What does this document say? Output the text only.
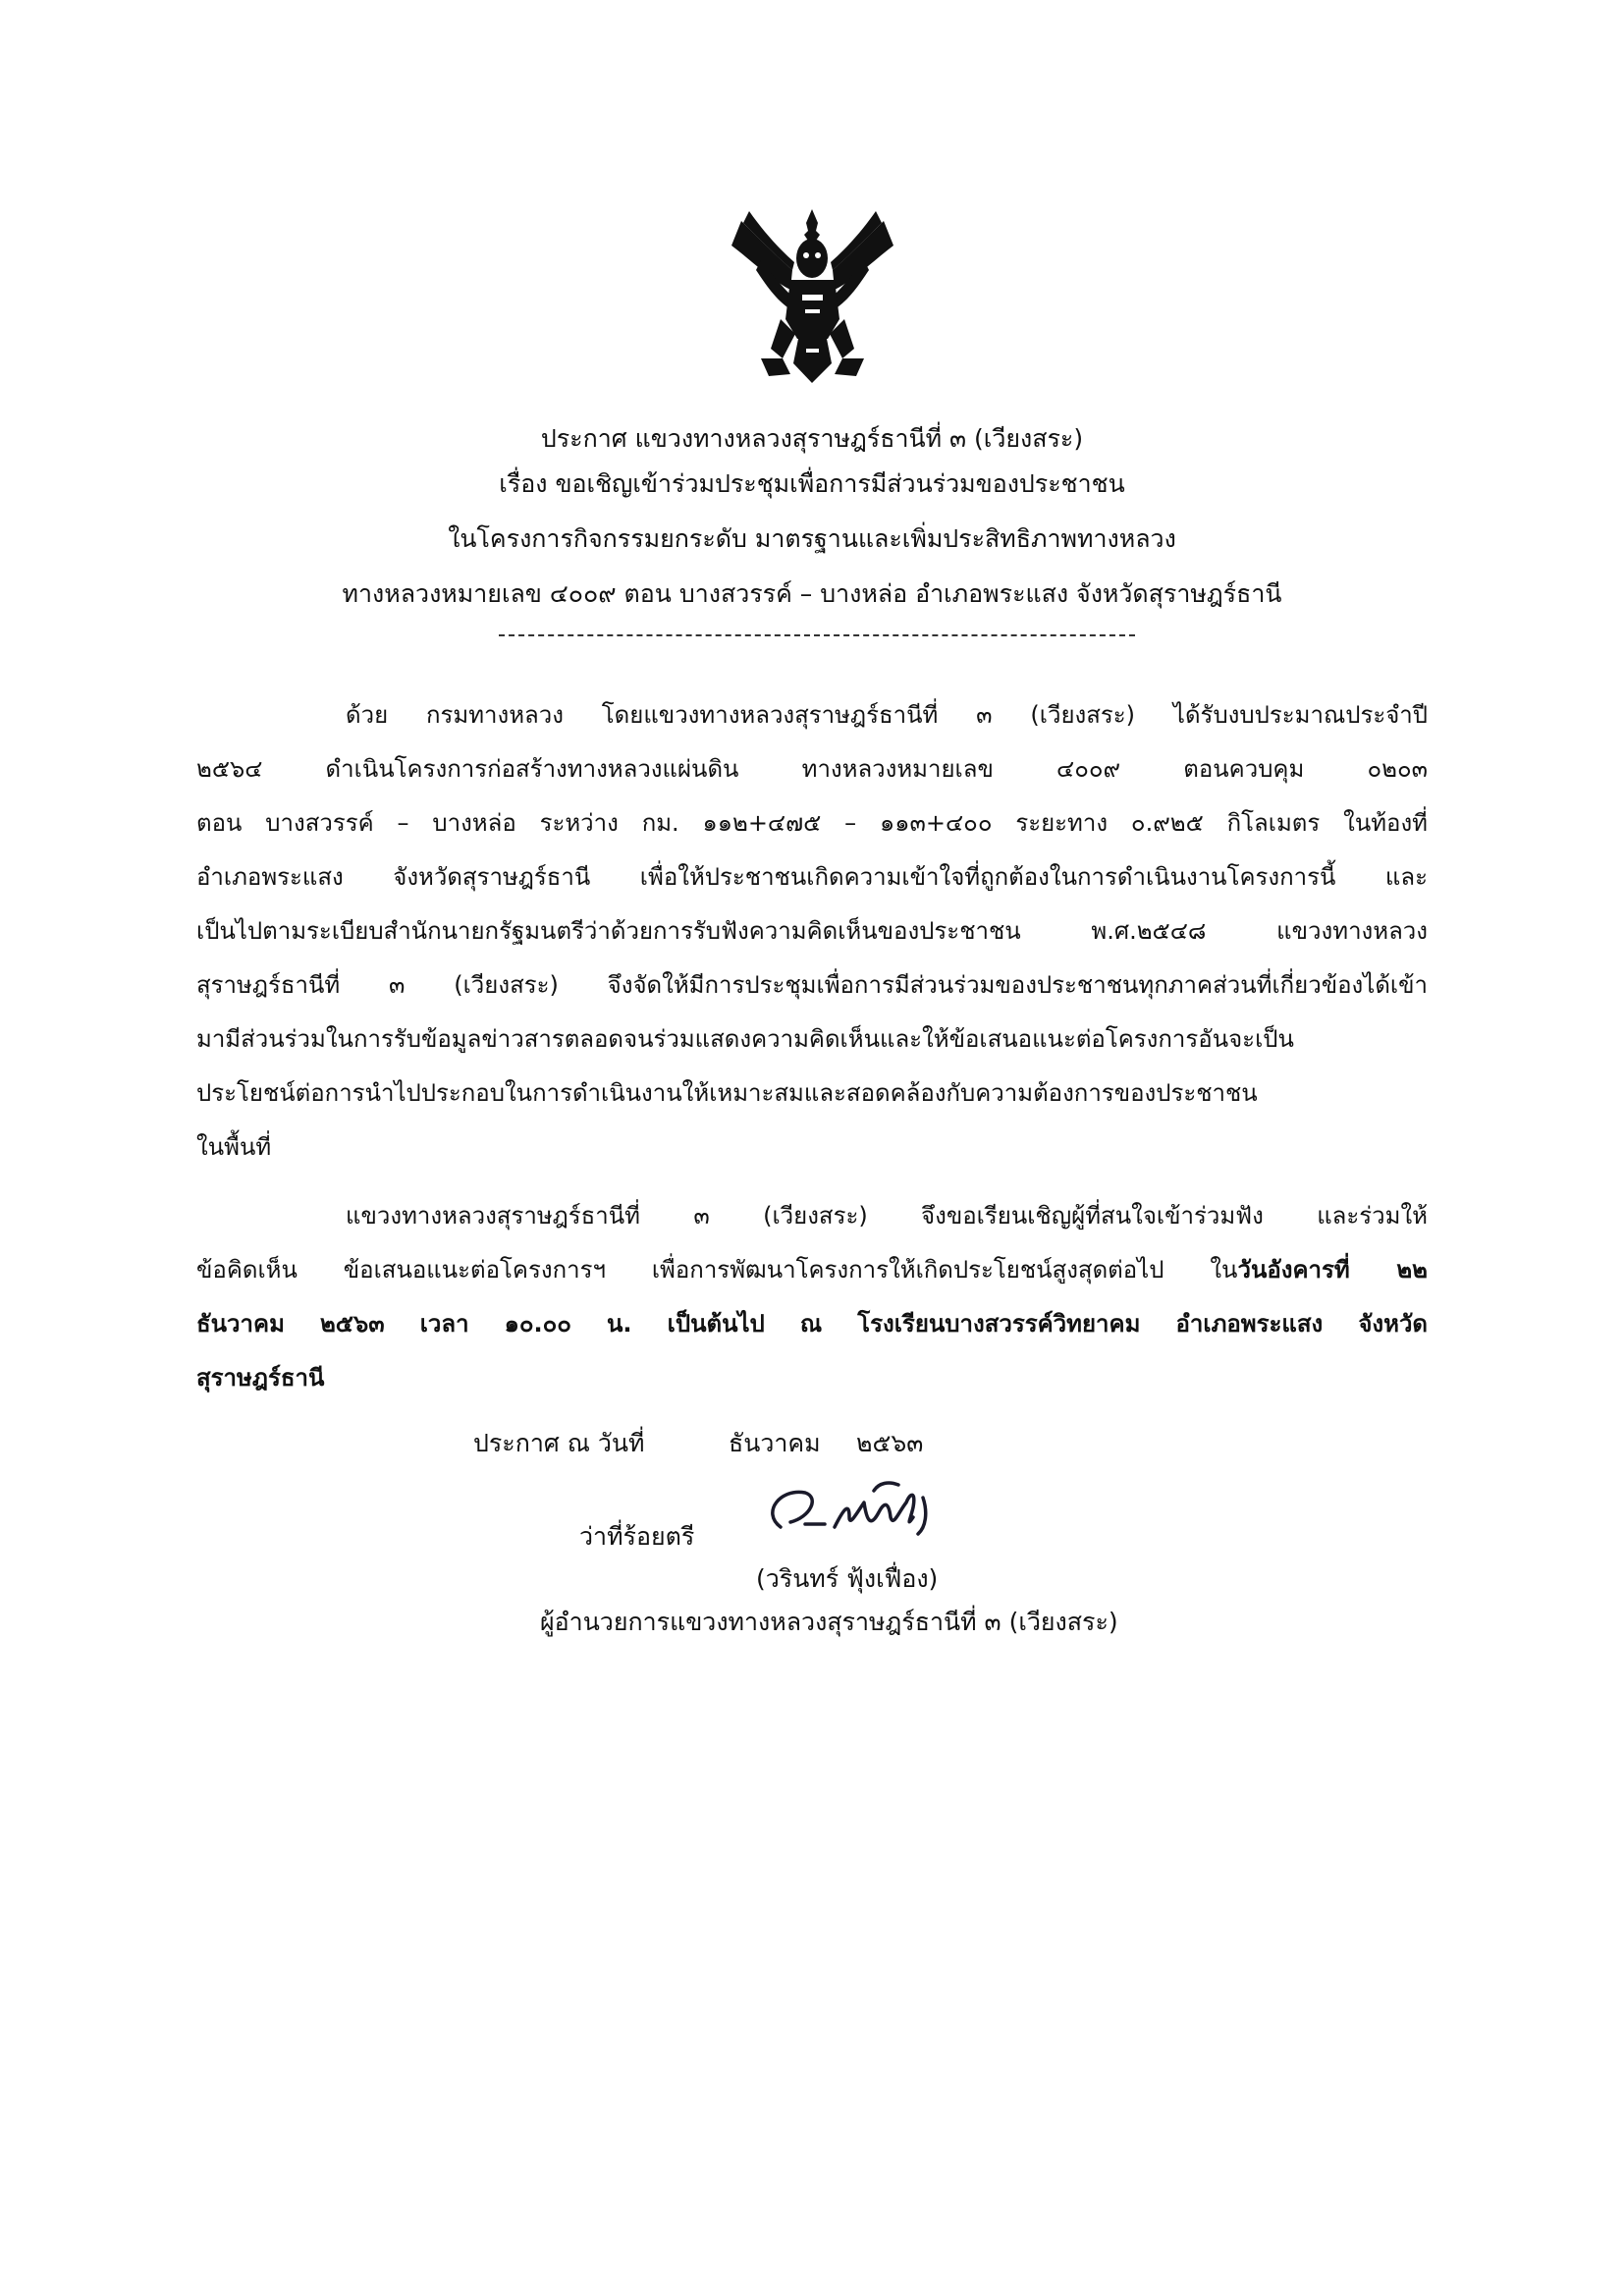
ประกาศ แขวงทางหลวงสุราษฎร์ธานีที่ ๓ (เวียงสระ)
เรื่อง ขอเชิญเข้าร่วมประชุมเพื่อการมีส่วนร่วมของประชาชน
ในโครงการกิจกรรมยกระดับ มาตรฐานและเพิ่มประสิทธิภาพทางหลวง
ทางหลวงหมายเลข ๔๐๐๙ ตอน บางสวรรค์ – บางหล่อ อำเภอพระแสง จังหวัดสุราษฎร์ธานี
ด้วย กรมทางหลวง โดยแขวงทางหลวงสุราษฎร์ธานีที่ ๓ (เวียงสระ) ได้รับงบประมาณประจำปี
๒๕๖๔ ดำเนินโครงการก่อสร้างทางหลวงแผ่นดิน ทางหลวงหมายเลข ๔๐๐๙ ตอนควบคุม ๐๒๐๓
ตอน บางสวรรค์ – บางหล่อ ระหว่าง กม. ๑๑๒+๔๗๕ – ๑๑๓+๔๐๐ ระยะทาง ๐.๙๒๕ กิโลเมตร ในท้องที่
อำเภอพระแสง จังหวัดสุราษฎร์ธานี เพื่อให้ประชาชนเกิดความเข้าใจที่ถูกต้องในการดำเนินงานโครงการนี้ และ
เป็นไปตามระเบียบสำนักนายกรัฐมนตรีว่าด้วยการรับฟังความคิดเห็นของประชาชน พ.ศ.๒๕๔๘ แขวงทางหลวง
สุราษฎร์ธานีที่ ๓ (เวียงสระ) จึงจัดให้มีการประชุมเพื่อการมีส่วนร่วมของประชาชนทุกภาคส่วนที่เกี่ยวข้องได้เข้า
มามีส่วนร่วมในการรับข้อมูลข่าวสารตลอดจนร่วมแสดงความคิดเห็นและให้ข้อเสนอแนะต่อโครงการอันจะเป็น
ประโยชน์ต่อการนำไปประกอบในการดำเนินงานให้เหมาะสมและสอดคล้องกับความต้องการของประชาชน
ในพื้นที่
แขวงทางหลวงสุราษฎร์ธานีที่ ๓ (เวียงสระ) จึงขอเรียนเชิญผู้ที่สนใจเข้าร่วมฟัง และร่วมให้
ข้อคิดเห็น ข้อเสนอแนะต่อโครงการฯ เพื่อการพัฒนาโครงการให้เกิดประโยชน์สูงสุดต่อไป ในวันอังคารที่ ๒๒
ธันวาคม ๒๕๖๓ เวลา ๑๐.๐๐ น. เป็นต้นไป ณ โรงเรียนบางสวรรค์วิทยาคม อำเภอพระแสง จังหวัด
สุราษฎร์ธานี
ประกาศ ณ วันที่	ธันวาคม ๒๕๖๓
ว่าที่ร้อยตรี
(วรินทร์ ฟุ้งเฟื่อง)
ผู้อำนวยการแขวงทางหลวงสุราษฎร์ธานีที่ ๓ (เวียงสระ)
